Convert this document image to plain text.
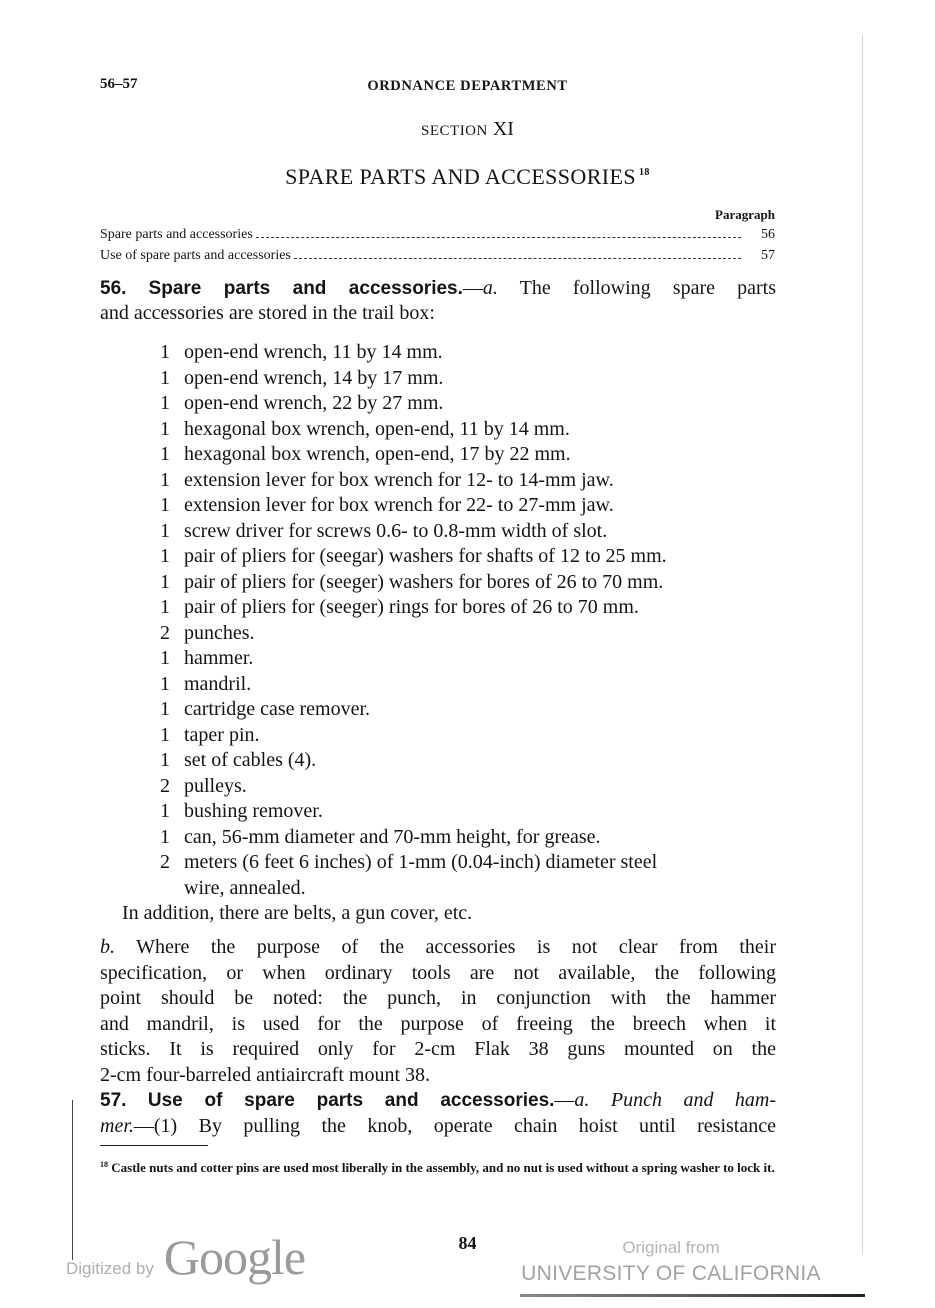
56–57	ORDNANCE DEPARTMENT
SECTION XI
SPARE PARTS AND ACCESSORIES $^{18}$
Paragraph
Spare parts and accessories	56
Use of spare parts and accessories	57
56. Spare parts and accessories.—a. The following spare parts
and accessories are stored in the trail box:
1 open-end wrench, 11 by 14 mm.
1 open-end wrench, 14 by 17 mm.
1 open-end wrench, 22 by 27 mm.
1 hexagonal box wrench, open-end, 11 by 14 mm.
1 hexagonal box wrench, open-end, 17 by 22 mm.
1 extension lever for box wrench for 12- to 14-mm jaw.
1 extension lever for box wrench for 22- to 27-mm jaw.
1 screw driver for screws 0.6- to 0.8-mm width of slot.
1 pair of pliers for (seegar) washers for shafts of 12 to 25 mm.
1 pair of pliers for (seeger) washers for bores of 26 to 70 mm.
1 pair of pliers for (seeger) rings for bores of 26 to 70 mm.
2 punches.
1 hammer.
1 mandril.
1 cartridge case remover.
1 taper pin.
1 set of cables (4).
2 pulleys.
1 bushing remover.
1 can, 56-mm diameter and 70-mm height, for grease.
2 meters (6 feet 6 inches) of 1-mm (0.04-inch) diameter steel
wire, annealed.
In addition, there are belts, a gun cover, etc.
b. Where the purpose of the accessories is not clear from their
specification, or when ordinary tools are not available, the following
point should be noted: the punch, in conjunction with the hammer
and mandril, is used for the purpose of freeing the breech when it
sticks. It is required only for 2-cm Flak 38 guns mounted on the
2-cm four-barreled antiaircraft mount 38.
57. Use of spare parts and accessories.—a. Punch and ham-
mer.—(1) By pulling the knob, operate chain hoist until resistance
$^{18}$ Castle nuts and cotter pins are used most liberally in the assembly, and no nut is used without a spring washer to lock it.
84
Digitized by Google	Original from
UNIVERSITY OF CALIFORNIA
